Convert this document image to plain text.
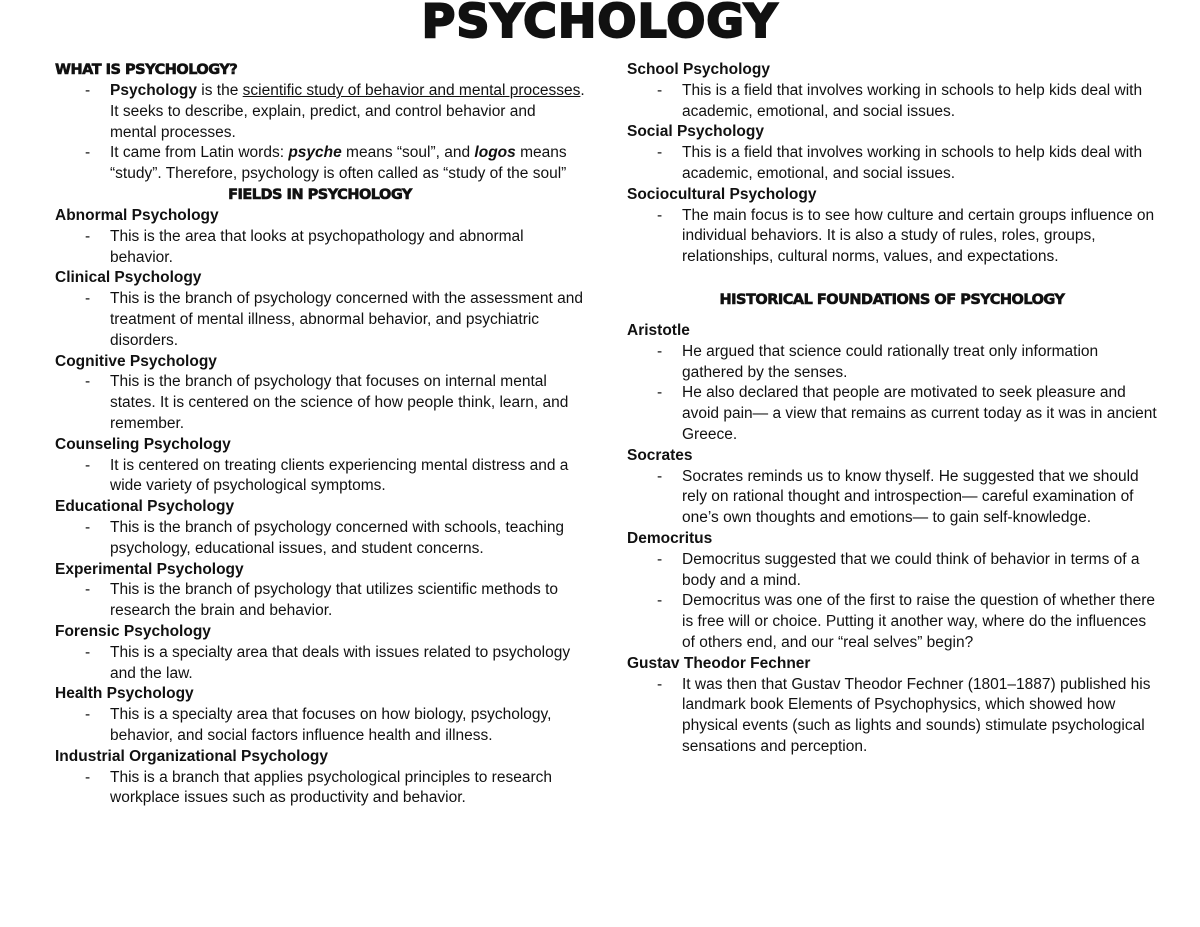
PSYCHOLOGY
WHAT IS PSYCHOLOGY?
- Psychology is the scientific study of behavior and mental processes. It seeks to describe, explain, predict, and control behavior and mental processes.
- It came from Latin words: psyche means “soul”, and logos means “study”. Therefore, psychology is often called as “study of the soul”
FIELDS IN PSYCHOLOGY
Abnormal Psychology
- This is the area that looks at psychopathology and abnormal behavior.
Clinical Psychology
- This is the branch of psychology concerned with the assessment and treatment of mental illness, abnormal behavior, and psychiatric disorders.
Cognitive Psychology
- This is the branch of psychology that focuses on internal mental states. It is centered on the science of how people think, learn, and remember.
Counseling Psychology
- It is centered on treating clients experiencing mental distress and a wide variety of psychological symptoms.
Educational Psychology
- This is the branch of psychology concerned with schools, teaching psychology, educational issues, and student concerns.
Experimental Psychology
- This is the branch of psychology that utilizes scientific methods to research the brain and behavior.
Forensic Psychology
- This is a specialty area that deals with issues related to psychology and the law.
Health Psychology
- This is a specialty area that focuses on how biology, psychology, behavior, and social factors influence health and illness.
Industrial Organizational Psychology
- This is a branch that applies psychological principles to research workplace issues such as productivity and behavior.
School Psychology
- This is a field that involves working in schools to help kids deal with academic, emotional, and social issues.
Social Psychology
- This is a field that involves working in schools to help kids deal with academic, emotional, and social issues.
Sociocultural Psychology
- The main focus is to see how culture and certain groups influence on individual behaviors. It is also a study of rules, roles, groups, relationships, cultural norms, values, and expectations.
HISTORICAL FOUNDATIONS OF PSYCHOLOGY
Aristotle
- He argued that science could rationally treat only information gathered by the senses.
- He also declared that people are motivated to seek pleasure and avoid pain— a view that remains as current today as it was in ancient Greece.
Socrates
- Socrates reminds us to know thyself. He suggested that we should rely on rational thought and introspection— careful examination of one’s own thoughts and emotions— to gain self-knowledge.
Democritus
- Democritus suggested that we could think of behavior in terms of a body and a mind.
- Democritus was one of the first to raise the question of whether there is free will or choice. Putting it another way, where do the influences of others end, and our “real selves” begin?
Gustav Theodor Fechner
- It was then that Gustav Theodor Fechner (1801–1887) published his landmark book Elements of Psychophysics, which showed how physical events (such as lights and sounds) stimulate psychological sensations and perception.
